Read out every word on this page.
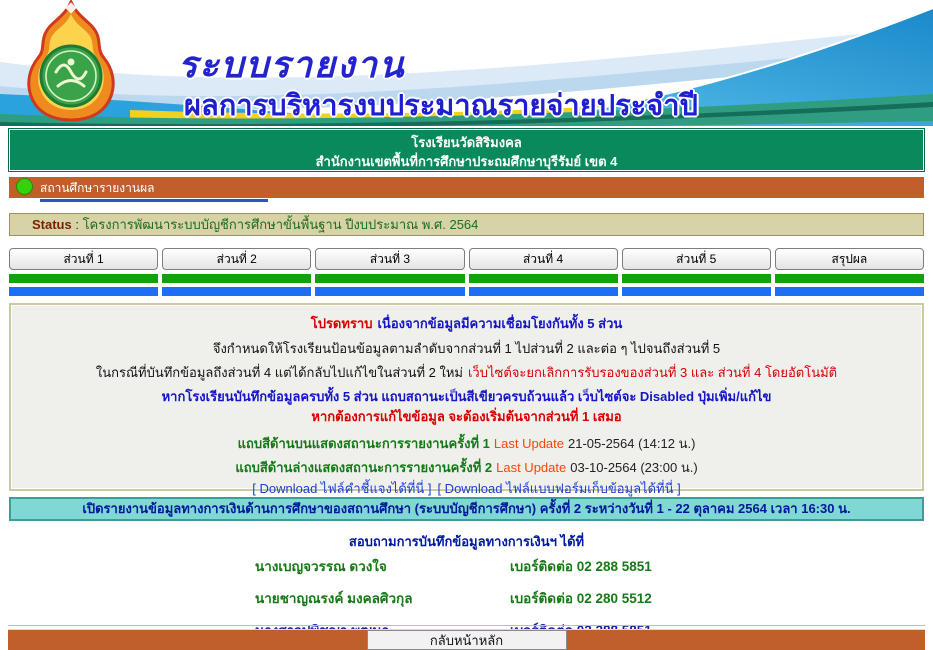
ระบบรายงาน
ผลการบริหารงบประมาณรายจ่ายประจำปี
โรงเรียนวัดสิริมงคล
สำนักงานเขตพื้นที่การศึกษาประถมศึกษาบุรีรัมย์ เขต 4
สถานศึกษารายงานผล
Status : โครงการพัฒนาระบบบัญชีการศึกษาขั้นพื้นฐาน ปีงบประมาณ พ.ศ. 2564
ส่วนที่ 1	ส่วนที่ 2	ส่วนที่ 3	ส่วนที่ 4	ส่วนที่ 5	สรุปผล
โปรดทราบ เนื่องจากข้อมูลมีความเชื่อมโยงกันทั้ง 5 ส่วน
จึงกำหนดให้โรงเรียนป้อนข้อมูลตามลำดับจากส่วนที่ 1 ไปส่วนที่ 2 และต่อ ๆ ไปจนถึงส่วนที่ 5
ในกรณีที่บันทึกข้อมูลถึงส่วนที่ 4 แต่ได้กลับไปแก้ไขในส่วนที่ 2 ใหม่ เว็บไซต์จะยกเลิกการรับรองของส่วนที่ 3 และ ส่วนที่ 4 โดยอัตโนมัติ
หากโรงเรียนบันทึกข้อมูลครบทั้ง 5 ส่วน แถบสถานะเป็นสีเขียวครบถ้วนแล้ว เว็บไซต์จะ Disabled ปุ่มเพิ่ม/แก้ไข
หากต้องการแก้ไขข้อมูล จะต้องเริ่มต้นจากส่วนที่ 1 เสมอ
แถบสีด้านบนแสดงสถานะการรายงานครั้งที่ 1 Last Update 21-05-2564 (14:12 น.)
แถบสีด้านล่างแสดงสถานะการรายงานครั้งที่ 2 Last Update 03-10-2564 (23:00 น.)
[ Download ไฟล์คำชี้แจงได้ที่นี่ ] [ Download ไฟล์แบบฟอร์มเก็บข้อมูลได้ที่นี่ ]
เปิดรายงานข้อมูลทางการเงินด้านการศึกษาของสถานศึกษา (ระบบบัญชีการศึกษา) ครั้งที่ 2 ระหว่างวันที่ 1 - 22 ตุลาคม 2564 เวลา 16:30 น.
สอบถามการบันทึกข้อมูลทางการเงินฯ ได้ที่
นางเบญจวรรณ ดวงใจ	เบอร์ติดต่อ 02 288 5851
นายชาญณรงค์ มงคลศิวกุล	เบอร์ติดต่อ 02 280 5512
กลับหน้าหลัก
